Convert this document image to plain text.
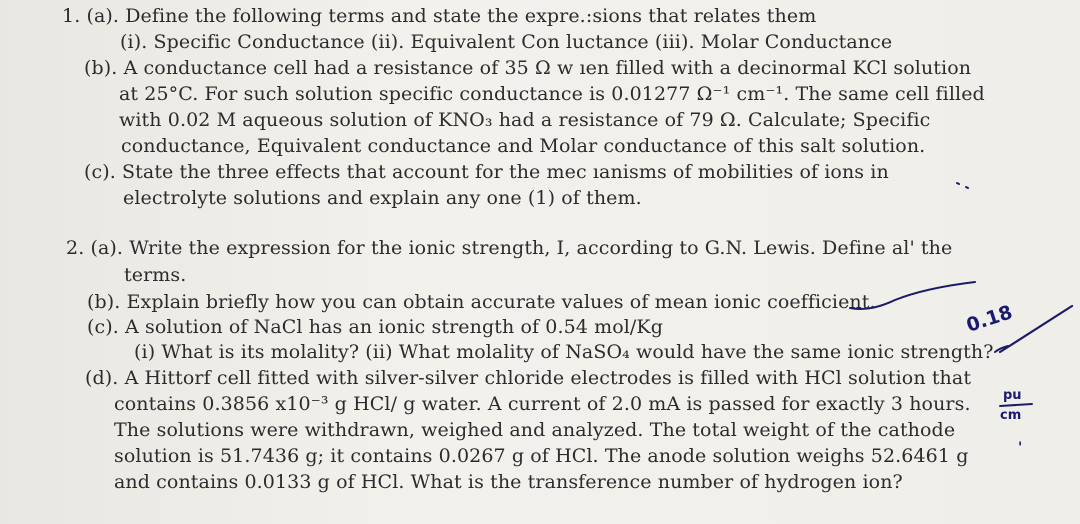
1. (a). Define the following terms and state the expre.:sions that relates them
(i). Specific Conductance (ii). Equivalent Con luctance (iii). Molar Conductance
(b). A conductance cell had a resistance of 35 Ω w ıen filled with a decinormal KCl solution
at 25°C. For such solution specific conductance is 0.01277 Ω⁻¹ cm⁻¹. The same cell filled
with 0.02 M aqueous solution of KNO₃ had a resistance of 79 Ω. Calculate; Specific
conductance, Equivalent conductance and Molar conductance of this salt solution.
(c). State the three effects that account for the mec ıanisms of mobilities of ions in
electrolyte solutions and explain any one (1) of them.
2. (a). Write the expression for the ionic strength, I, according to G.N. Lewis. Define al' the
terms.
(b). Explain briefly how you can obtain accurate values of mean ionic coefficient.
(c). A solution of NaCl has an ionic strength of 0.54 mol/Kg
(i) What is its molality? (ii) What molality of NaSO₄ would have the same ionic strength?
(d). A Hittorf cell fitted with silver-silver chloride electrodes is filled with HCl solution that
contains 0.3856 x10⁻³ g HCl/ g water. A current of 2.0 mA is passed for exactly 3 hours.
The solutions were withdrawn, weighed and analyzed. The total weight of the cathode
solution is 51.7436 g; it contains 0.0267 g of HCl. The anode solution weighs 52.6461 g
and contains 0.0133 g of HCl. What is the transference number of hydrogen ion?
0.18
pu
cm
'
